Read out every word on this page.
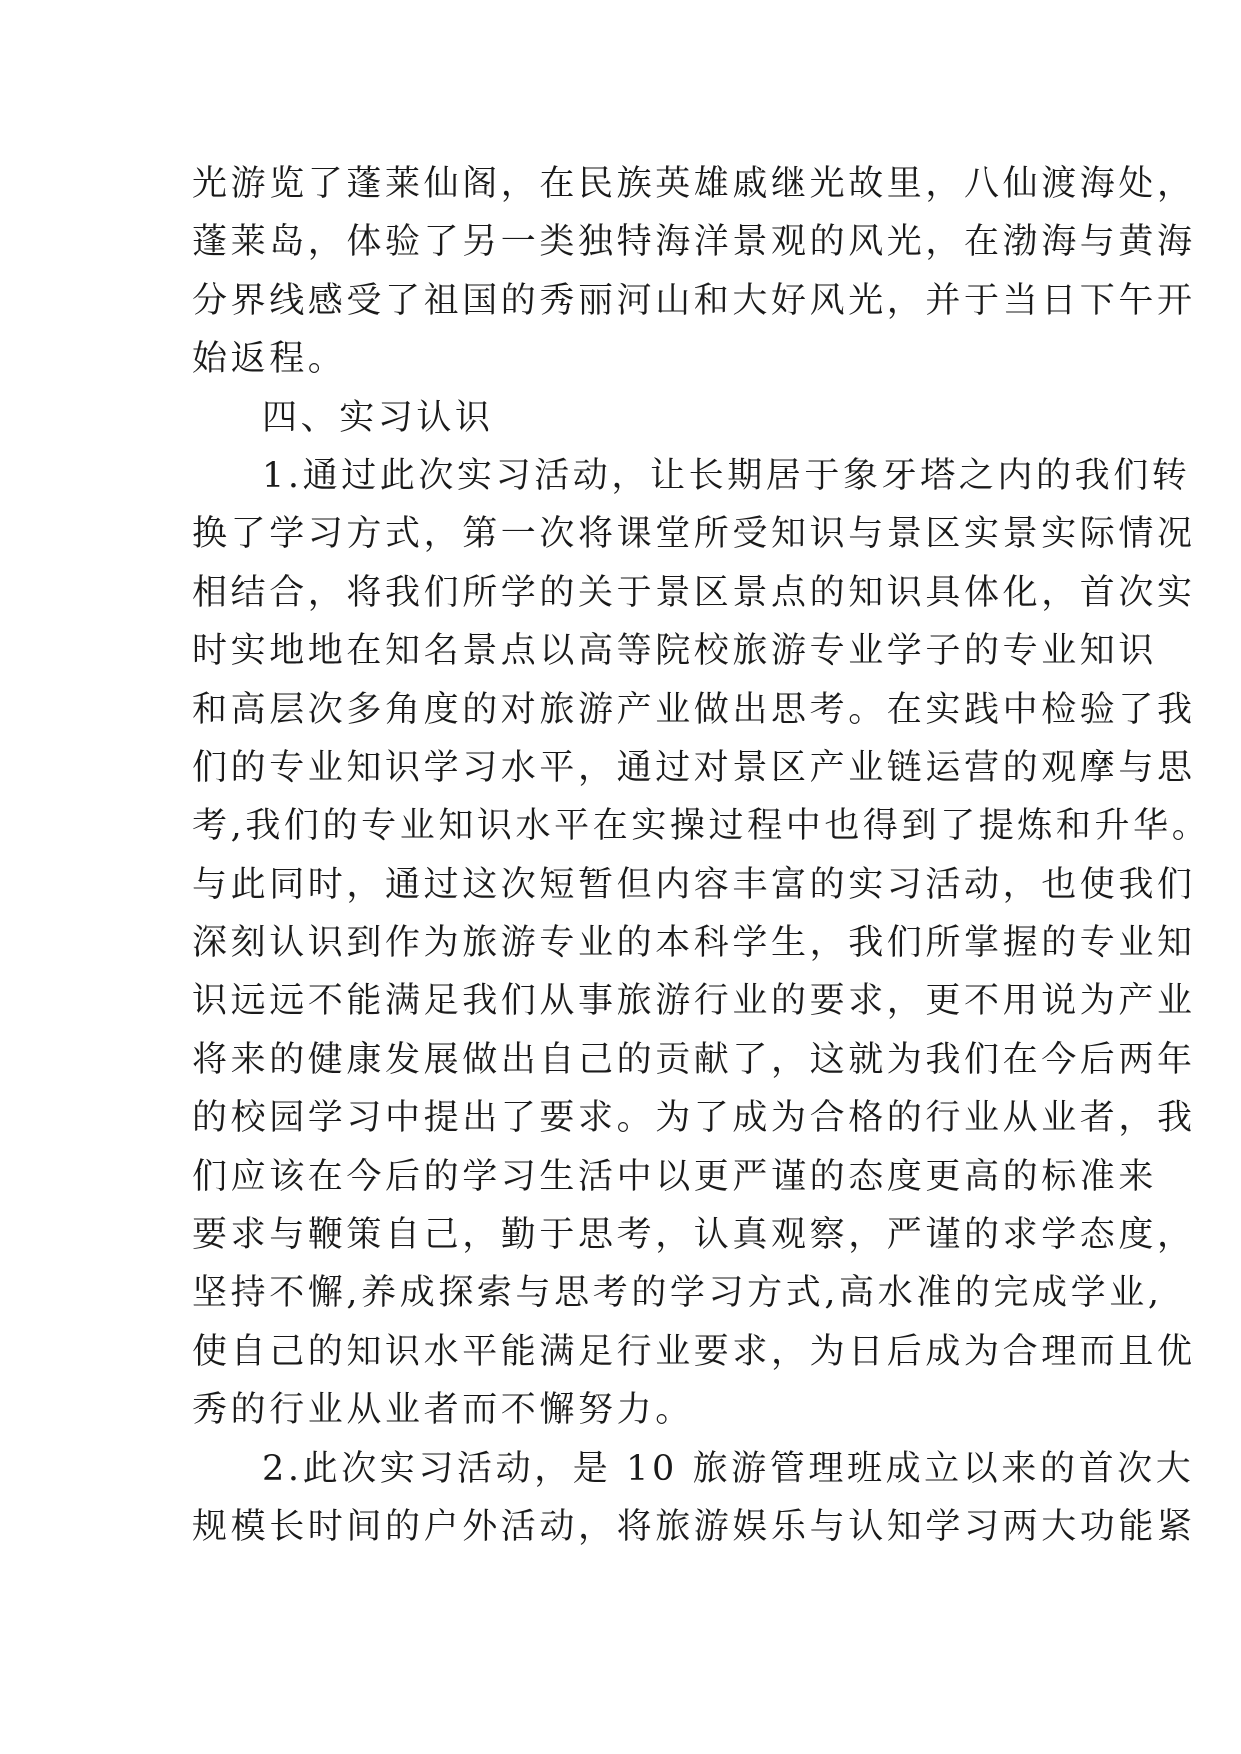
光游览了蓬莱仙阁，在民族英雄戚继光故里，八仙渡海处，
蓬莱岛，体验了另一类独特海洋景观的风光，在渤海与黄海
分界线感受了祖国的秀丽河山和大好风光，并于当日下午开
始返程。
四、实习认识
1.通过此次实习活动，让长期居于象牙塔之内的我们转
换了学习方式，第一次将课堂所受知识与景区实景实际情况
相结合，将我们所学的关于景区景点的知识具体化，首次实
时实地地在知名景点以高等院校旅游专业学子的专业知识
和高层次多角度的对旅游产业做出思考。在实践中检验了我
们的专业知识学习水平，通过对景区产业链运营的观摩与思
考,我们的专业知识水平在实操过程中也得到了提炼和升华。
与此同时，通过这次短暂但内容丰富的实习活动，也使我们
深刻认识到作为旅游专业的本科学生，我们所掌握的专业知
识远远不能满足我们从事旅游行业的要求，更不用说为产业
将来的健康发展做出自己的贡献了，这就为我们在今后两年
的校园学习中提出了要求。为了成为合格的行业从业者，我
们应该在今后的学习生活中以更严谨的态度更高的标准来
要求与鞭策自己，勤于思考，认真观察，严谨的求学态度，
坚持不懈,养成探索与思考的学习方式,高水准的完成学业,
使自己的知识水平能满足行业要求，为日后成为合理而且优
秀的行业从业者而不懈努力。
2.此次实习活动，是 10 旅游管理班成立以来的首次大
规模长时间的户外活动，将旅游娱乐与认知学习两大功能紧
